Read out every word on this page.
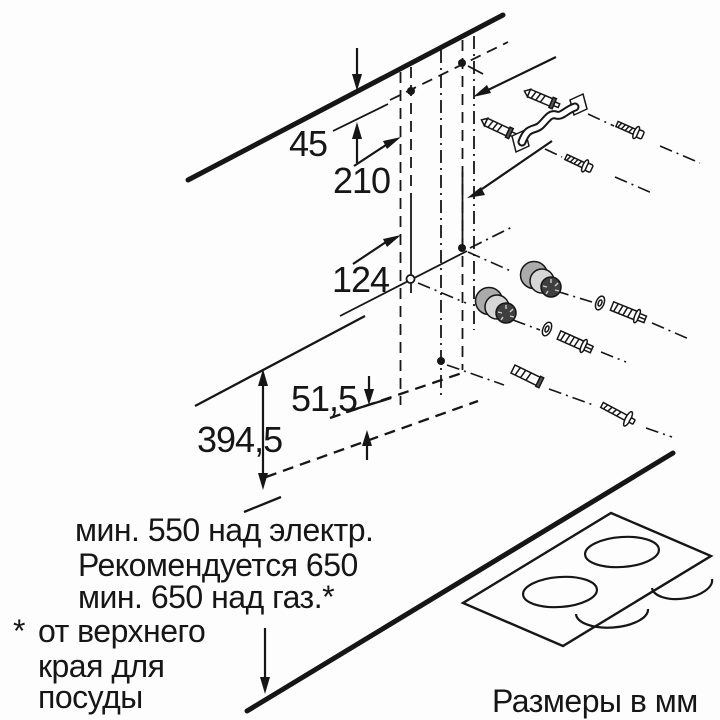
45
210
124
51,5
394,5
мин. 550 над электр.
Рекомендуется 650
мин. 650 над газ.*
* от верхнего
края для
посуды	Размеры в мм
